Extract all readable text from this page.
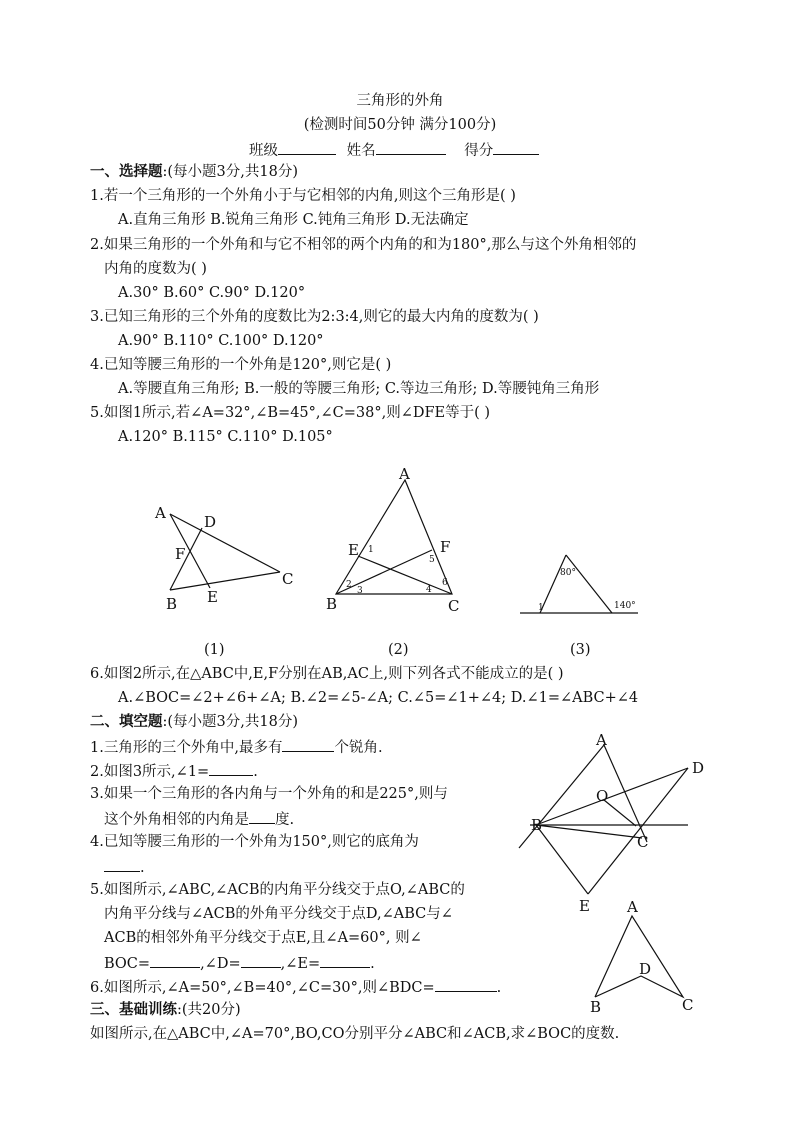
三角形的外角
(检测时间50分钟 满分100分)
班级	姓名	得分
一、选择题:(每小题3分,共18分)
1.若一个三角形的一个外角小于与它相邻的内角,则这个三角形是( )
A.直角三角形 B.锐角三角形 C.钝角三角形 D.无法确定
2.如果三角形的一个外角和与它不相邻的两个内角的和为180°,那么与这个外角相邻的
内角的度数为( )
A.30° B.60° C.90° D.120°
3.已知三角形的三个外角的度数比为2:3:4,则它的最大内角的度数为( )
A.90° B.110° C.100° D.120°
4.已知等腰三角形的一个外角是120°,则它是( )
A.等腰直角三角形; B.一般的等腰三角形; C.等边三角形; D.等腰钝角三角形
5.如图1所示,若∠A=32°,∠B=45°,∠C=38°,则∠DFE等于( )
A.120° B.115° C.110° D.105°
A	D
F
C
B E
A
E	F
B	C
1
2
3	4
5
6
80°
140°
1
(1)	(2)	(3)
6.如图2所示,在△ABC中,E,F分别在AB,AC上,则下列各式不能成立的是( )
A.∠BOC=∠2+∠6+∠A; B.∠2=∠5-∠A; C.∠5=∠1+∠4; D.∠1=∠ABC+∠4
二、填空题:(每小题3分,共18分)
1.三角形的三个外角中,最多有	个锐角.
2.如图3所示,∠1=	.
3.如果一个三角形的各内角与一个外角的和是225°,则与
这个外角相邻的内角是 度.
4.已知等腰三角形的一个外角为150°,则它的底角为
.
5.如图所示,∠ABC,∠ACB的内角平分线交于点O,∠ABC的
内角平分线与∠ACB的外角平分线交于点D,∠ABC与∠
ACB的相邻外角平分线交于点E,且∠A=60°, 则∠
BOC=	,∠D=	,∠E=	.
6.如图所示,∠A=50°,∠B=40°,∠C=30°,则∠BDC=	.
三、基础训练:(共20分)
如图所示,在△ABC中,∠A=70°,BO,CO分别平分∠ABC和∠ACB,求∠BOC的度数.
A
D
O
B
C
E A
D
B	C
